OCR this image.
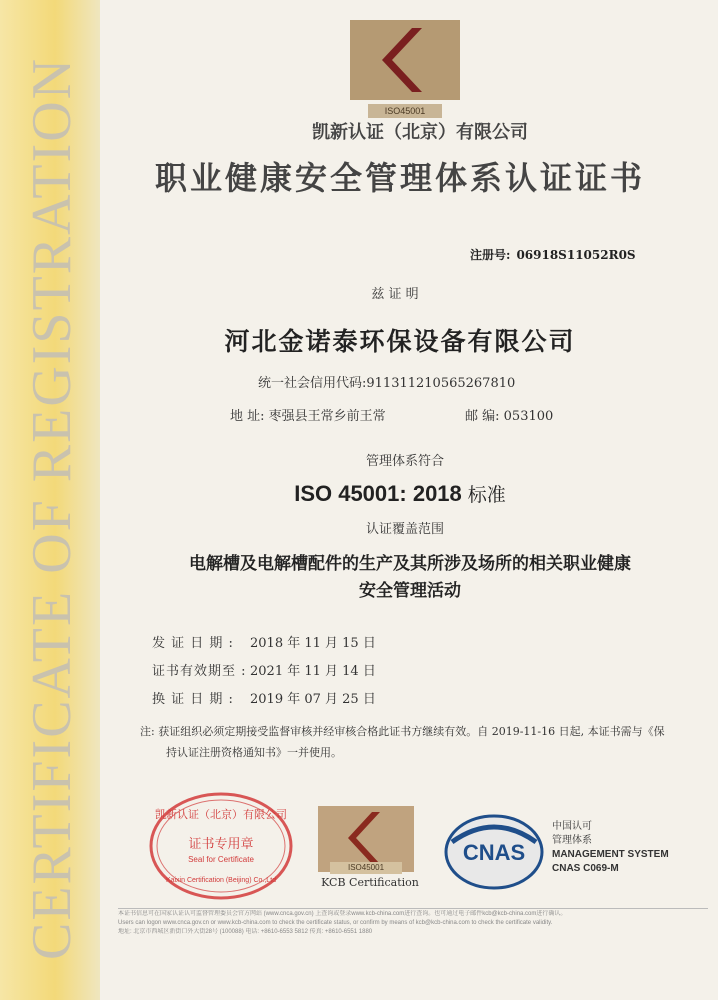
CERTIFICATE OF REGISTRATION	ISO45001
凯新认证（北京）有限公司
职业健康安全管理体系认证证书
注册号: 06918S11052R0S
兹 证 明
河北金诺泰环保设备有限公司
统一社会信用代码:911311210565267810
地 址: 枣强县王常乡前王常	邮 编: 053100
管理体系符合
ISO 45001: 2018 标准
认证覆盖范围
电解槽及电解槽配件的生产及其所涉及场所的相关职业健康
安全管理活动
发 证 日 期 : 2018 年 11 月 15 日
证书有效期至 : 2021 年 11 月 14 日
换 证 日 期 : 2019 年 07 月 25 日
注: 获证组织必须定期接受监督审核并经审核合格此证书方继续有效。自 2019-11-16 日起, 本证书需与《保
持认证注册资格通知书》一并使用。
凯新认证（北京）有限公司
证书专用章
Seal for Certificate
Kaixin Certification (Beijing) Co.,Ltd
ISO45001
KCB Certification
CNAS
中国认可
管理体系
MANAGEMENT SYSTEM
CNAS C069-M
本证书信息可在国家认证认可监督管理委员会官方网站 (www.cnca.gov.cn) 上查询或登录www.kcb-china.com进行查询。也可通过电子邮件kcb@kcb-china.com进行确认。
Users can logon www.cnca.gov.cn or www.kcb-china.com to check the certificate status, or confirm by means of kcb@kcb-china.com to check the certificate validity.
地址: 北京市西城区新街口外大街28号 (100088) 电话: +8610-6553 5812 传真: +8610-6551 1880
